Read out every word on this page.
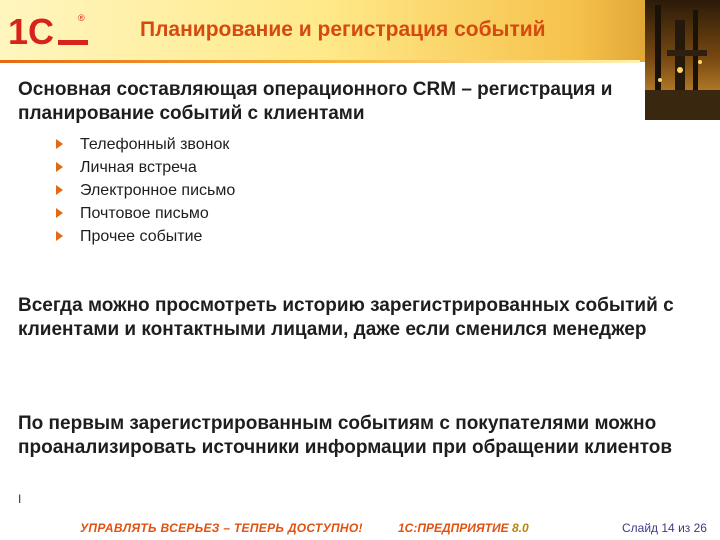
1С	®	Планирование и регистрация событий
Основная составляющая операционного CRM – регистрация и планирование событий с клиентами
Телефонный звонок
Личная встреча
Электронное письмо
Почтовое письмо
Прочее событие
Всегда можно просмотреть историю зарегистрированных событий с клиентами и контактными лицами, даже если сменился менеджер
По первым зарегистрированным событиям с покупателями можно проанализировать источники информации при обращении клиентов
I
УПРАВЛЯТЬ ВСЕРЬЕЗ – ТЕПЕРЬ ДОСТУПНО!	1С:ПРЕДПРИЯТИЕ 8.0	Слайд 14 из 26
